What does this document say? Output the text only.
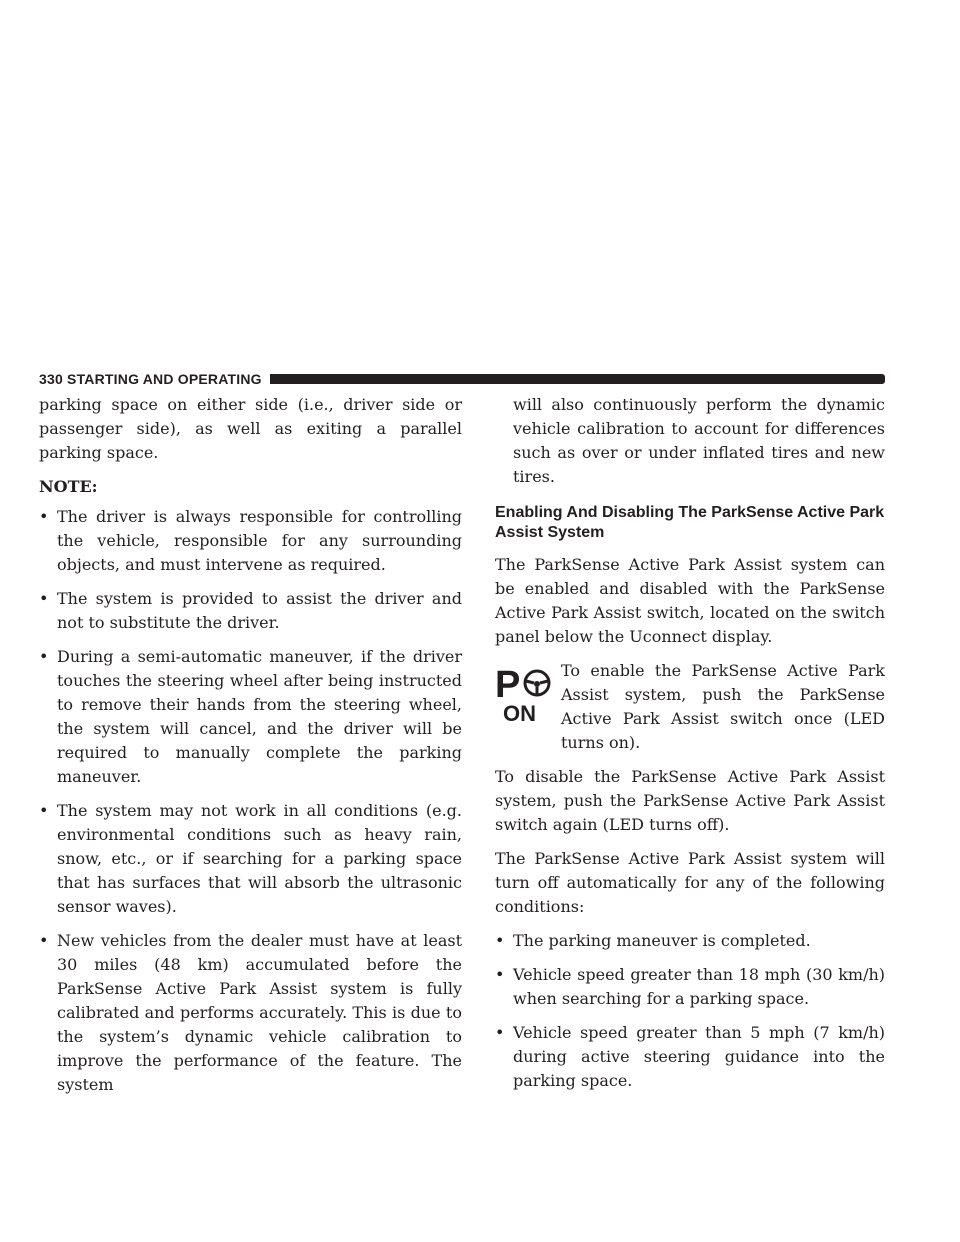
330 STARTING AND OPERATING

parking space on either side (i.e., driver side or passenger side), as well as exiting a parallel parking space.

NOTE:

• The driver is always responsible for controlling the vehicle, responsible for any surrounding objects, and must intervene as required.
• The system is provided to assist the driver and not to substitute the driver.
• During a semi-automatic maneuver, if the driver touches the steering wheel after being instructed to remove their hands from the steering wheel, the system will cancel, and the driver will be required to manually complete the parking maneuver.
• The system may not work in all conditions (e.g. environmental conditions such as heavy rain, snow, etc., or if searching for a parking space that has surfaces that will absorb the ultrasonic sensor waves).
• New vehicles from the dealer must have at least 30 miles (48 km) accumulated before the ParkSense Active Park Assist system is fully calibrated and performs accurately. This is due to the system’s dynamic vehicle calibration to improve the performance of the feature. The system
will also continuously perform the dynamic vehicle calibration to account for differences such as over or under inflated tires and new tires.
Enabling And Disabling The ParkSense Active Park Assist System

The ParkSense Active Park Assist system can be enabled and disabled with the ParkSense Active Park Assist switch, located on the switch panel below the Uconnect display.

P
ON

To enable the ParkSense Active Park Assist system, push the ParkSense Active Park Assist switch once (LED turns on).

To disable the ParkSense Active Park Assist system, push the ParkSense Active Park Assist switch again (LED turns off).

The ParkSense Active Park Assist system will turn off automatically for any of the following conditions:

• The parking maneuver is completed.
• Vehicle speed greater than 18 mph (30 km/h) when searching for a parking space.
• Vehicle speed greater than 5 mph (7 km/h) during active steering guidance into the parking space.
